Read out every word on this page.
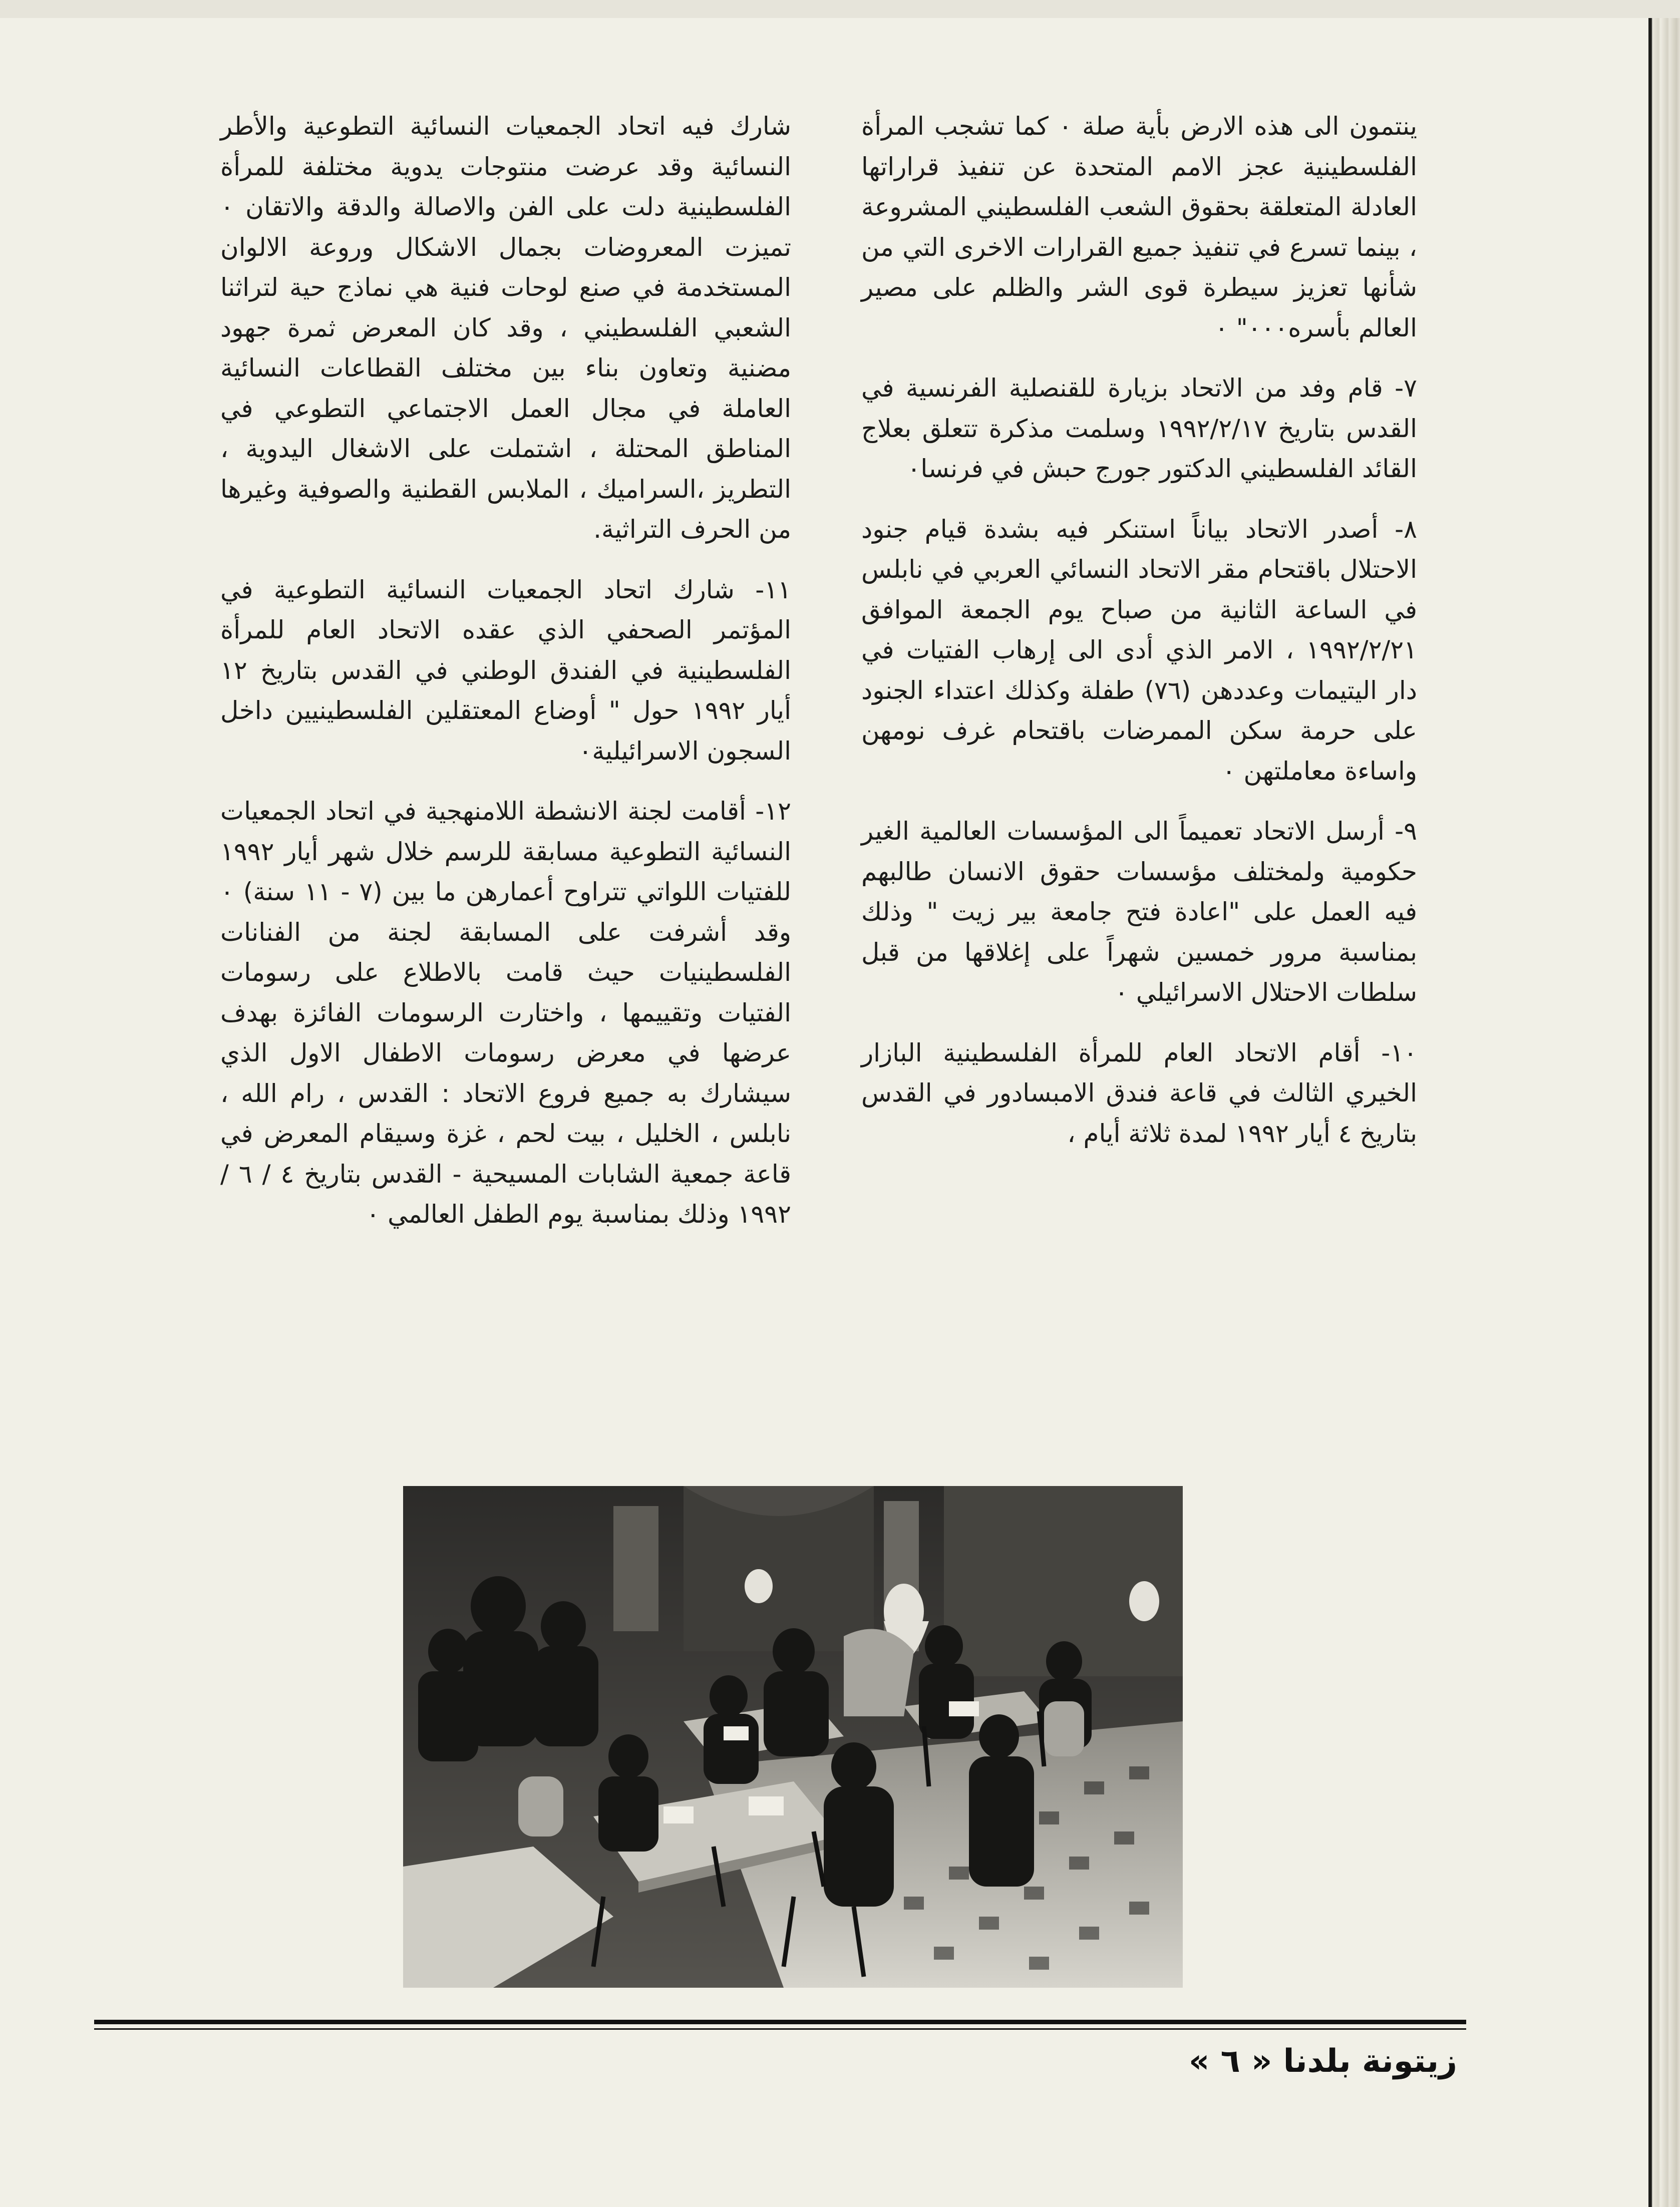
ينتمون الى هذه الارض بأية صلة ٠ كما تشجب المرأة الفلسطينية عجز الامم المتحدة عن تنفيذ قراراتها العادلة المتعلقة بحقوق الشعب الفلسطيني المشروعة ، بينما تسرع في تنفيذ جميع القرارات الاخرى التي من شأنها تعزيز سيطرة قوى الشر والظلم على مصير العالم بأسره٠٠٠" ٠

٧- قام وفد من الاتحاد بزيارة للقنصلية الفرنسية في القدس بتاريخ ١٩٩٢/٢/١٧ وسلمت مذكرة تتعلق بعلاج القائد الفلسطيني الدكتور جورج حبش في فرنسا٠

٨- أصدر الاتحاد بياناً استنكر فيه بشدة قيام جنود الاحتلال باقتحام مقر الاتحاد النسائي العربي في نابلس في الساعة الثانية من صباح يوم الجمعة الموافق ١٩٩٢/٢/٢١ ، الامر الذي أدى الى إرهاب الفتيات في دار اليتيمات وعددهن (٧٦) طفلة وكذلك اعتداء الجنود على حرمة سكن الممرضات باقتحام غرف نومهن واساءة معاملتهن ٠

٩- أرسل الاتحاد تعميماً الى المؤسسات العالمية الغير حكومية ولمختلف مؤسسات حقوق الانسان طالبهم فيه العمل على "اعادة فتح جامعة بير زيت " وذلك بمناسبة مرور خمسين شهراً على إغلاقها من قبل سلطات الاحتلال الاسرائيلي ٠

١٠- أقام الاتحاد العام للمرأة الفلسطينية البازار الخيري الثالث في قاعة فندق الامبسادور في القدس بتاريخ ٤ أيار ١٩٩٢ لمدة ثلاثة أيام ،

شارك فيه اتحاد الجمعيات النسائية التطوعية والأطر النسائية وقد عرضت منتوجات يدوية مختلفة للمرأة الفلسطينية دلت على الفن والاصالة والدقة والاتقان ٠ تميزت المعروضات بجمال الاشكال وروعة الالوان المستخدمة في صنع لوحات فنية هي نماذج حية لتراثنا الشعبي الفلسطيني ، وقد كان المعرض ثمرة جهود مضنية وتعاون بناء بين مختلف القطاعات النسائية العاملة في مجال العمل الاجتماعي التطوعي في المناطق المحتلة ، اشتملت على الاشغال اليدوية ، التطريز ،السراميك ، الملابس القطنية والصوفية وغيرها من الحرف التراثية.

١١- شارك اتحاد الجمعيات النسائية التطوعية في المؤتمر الصحفي الذي عقده الاتحاد العام للمرأة الفلسطينية في الفندق الوطني في القدس بتاريخ ١٢ أيار ١٩٩٢ حول " أوضاع المعتقلين الفلسطينيين داخل السجون الاسرائيلية٠

١٢- أقامت لجنة الانشطة اللامنهجية في اتحاد الجمعيات النسائية التطوعية مسابقة للرسم خلال شهر أيار ١٩٩٢ للفتيات اللواتي تتراوح أعمارهن ما بين (٧ - ١١ سنة) ٠ وقد أشرفت على المسابقة لجنة من الفنانات الفلسطينيات حيث قامت بالاطلاع على رسومات الفتيات وتقييمها ، واختارت الرسومات الفائزة بهدف عرضها في معرض رسومات الاطفال الاول الذي سيشارك به جميع فروع الاتحاد : القدس ، رام الله ، نابلس ، الخليل ، بيت لحم ، غزة وسيقام المعرض في قاعة جمعية الشابات المسيحية - القدس بتاريخ ٤ / ٦ / ١٩٩٢ وذلك بمناسبة يوم الطفل العالمي ٠

زيتونة بلدنا « ٦ »
